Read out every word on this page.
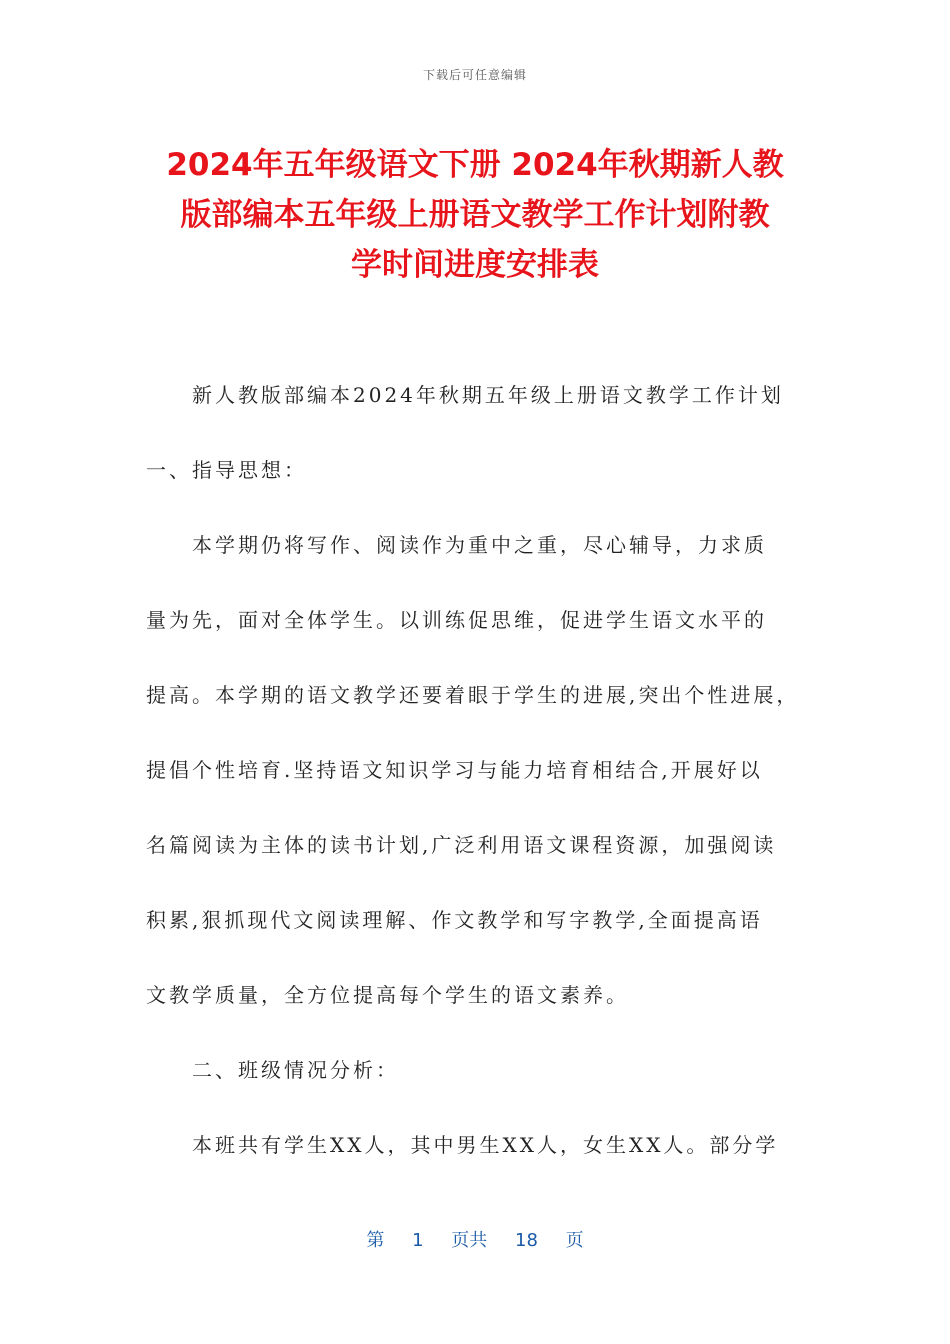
下载后可任意编辑
2024年五年级语文下册 2024年秋期新人教
版部编本五年级上册语文教学工作计划附教
学时间进度安排表
新人教版部编本2024年秋期五年级上册语文教学工作计划
一、指导思想：
本学期仍将写作、阅读作为重中之重，尽心辅导，力求质
量为先，面对全体学生。以训练促思维，促进学生语文水平的
提高。本学期的语文教学还要着眼于学生的进展,突出个性进展，
提倡个性培育.坚持语文知识学习与能力培育相结合,开展好以
名篇阅读为主体的读书计划,广泛利用语文课程资源，加强阅读
积累,狠抓现代文阅读理解、作文教学和写字教学,全面提高语
文教学质量，全方位提高每个学生的语文素养。
二、班级情况分析：
本班共有学生XX人，其中男生XX人，女生XX人。部分学
第 1 页共 18 页
